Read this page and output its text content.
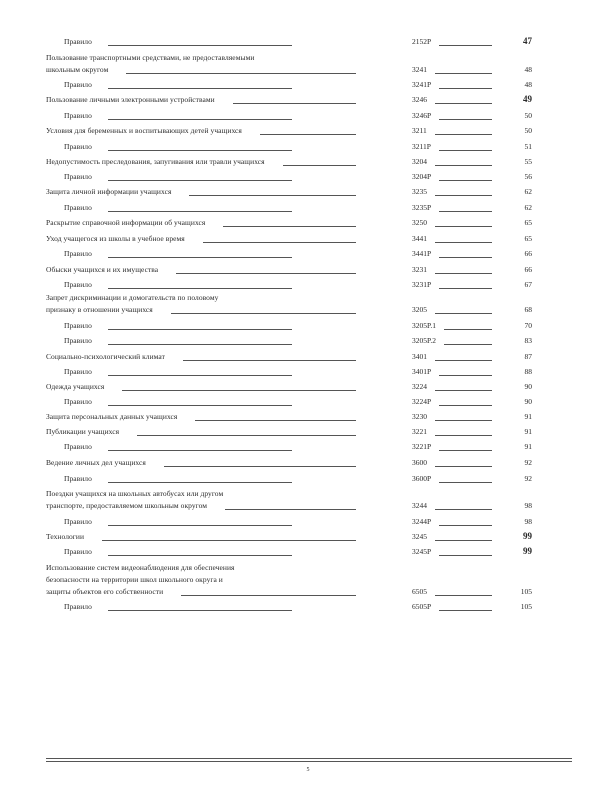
Правило	2152P	47
Пользование транспортными средствами, не предоставляемыми
школьным округом	3241	48
Правило	3241P	48
Пользование личными электронными устройствами	3246	49
Правило	3246P	50
Условия для беременных и воспитывающих детей учащихся	3211	50
Правило	3211P	51
Недопустимость преследования, запугивания или травли учащихся	3204	55
Правило	3204P	56
Защита личной информации учащихся	3235	62
Правило	3235P	62
Раскрытие справочной информации об учащихся	3250	65
Уход учащегося из школы в учебное время	3441	65
Правило	3441P	66
Обыски учащихся и их имущества	3231	66
Правило	3231P	67
Запрет дискриминации и домогательств по половому
признаку в отношении учащихся	3205	68
Правило	3205P.1	70
Правило	3205P.2	83
Социально-психологический климат	3401	87
Правило	3401P	88
Одежда учащихся	3224	90
Правило	3224P	90
Защита персональных данных учащихся	3230	91
Публикации учащихся	3221	91
Правило	3221P	91
Ведение личных дел учащихся	3600	92
Правило	3600P	92
Поездки учащихся на школьных автобусах или другом
транспорте, предоставляемом школьным округом	3244	98
Правило	3244P	98
Технологии	3245	99
Правило	3245P	99
Использование систем видеонаблюдения для обеспечения
безопасности на территории школ школьного округа и
защиты объектов его собственности	6505	105
Правило	6505P	105
5
